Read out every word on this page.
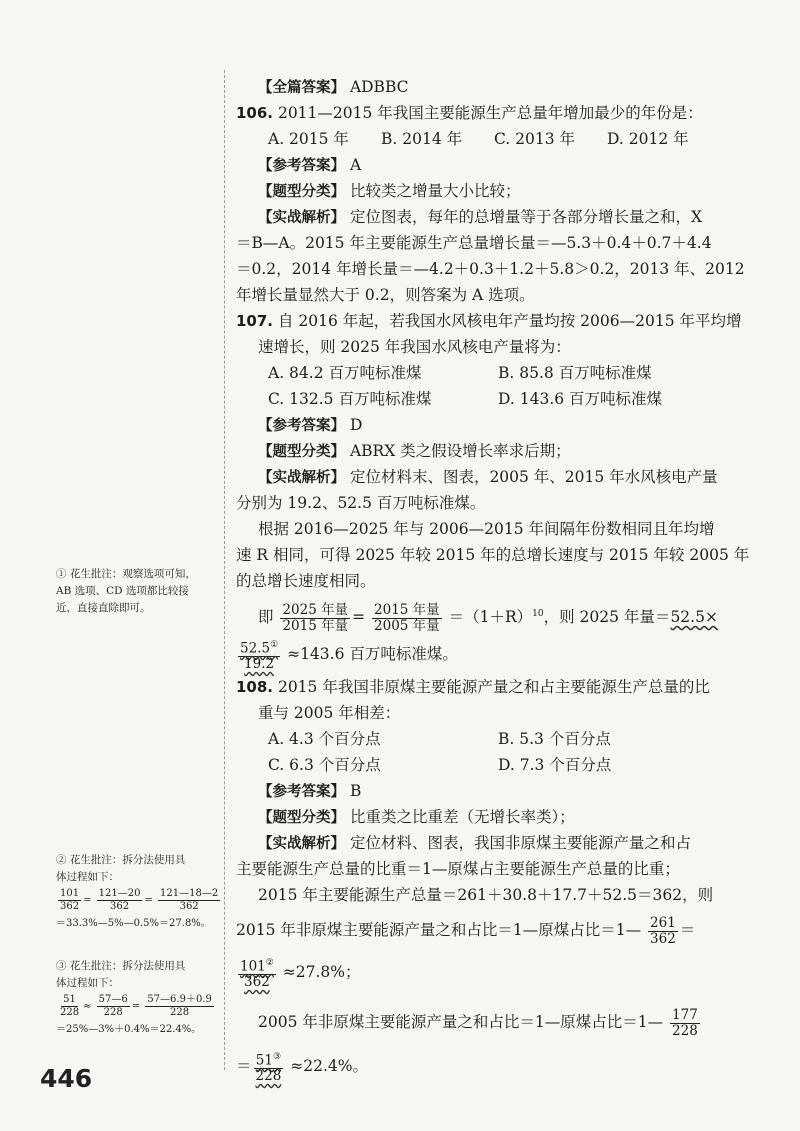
① 花生批注：观察选项可知，
AB 选项、CD 选项都比较接
近，直接直除即可。
② 花生批注：拆分法使用具
体过程如下：
$\frac{101}{362} = \frac{121—20}{362} = \frac{121—18—2}{362}$
＝33.3%—5%—0.5%＝27.8%。
③ 花生批注：拆分法使用具
体过程如下：
$\frac{51}{228} \approx \frac{57—6}{228} = \frac{57—6.9+0.9}{228}$
＝25%—3%＋0.4%＝22.4%。
【全篇答案】 ADBBC
106. 2011—2015 年我国主要能源生产总量年增加最少的年份是：
A. 2015 年	B. 2014 年	C. 2013 年	D. 2012 年
【参考答案】 A
【题型分类】 比较类之增量大小比较；
【实战解析】 定位图表，每年的总增量等于各部分增长量之和，X
＝B—A。2015 年主要能源生产总量增长量＝—5.3＋0.4＋0.7＋4.4
＝0.2，2014 年增长量＝—4.2＋0.3＋1.2＋5.8＞0.2，2013 年、2012
年增长量显然大于 0.2，则答案为 A 选项。
107. 自 2016 年起，若我国水风核电年产量均按 2006—2015 年平均增
速增长，则 2025 年我国水风核电产量将为：
A. 84.2 百万吨标准煤	B. 85.8 百万吨标准煤
C. 132.5 百万吨标准煤	D. 143.6 百万吨标准煤
【参考答案】 D
【题型分类】 ABRX 类之假设增长率求后期；
【实战解析】 定位材料末、图表，2005 年、2015 年水风核电产量
分别为 19.2、52.5 百万吨标准煤。
根据 2016—2025 年与 2006—2015 年间隔年份数相同且年均增
速 R 相同，可得 2025 年较 2015 年的总增长速度与 2015 年较 2005 年
的总增长速度相同。
即 $\frac{\text{2025 年量}}{\text{2015 年量}} = \frac{\text{2015 年量}}{\text{2005 年量}} =(1+R)^{10}$，则 2025 年量＝52.5×
$\frac{52.5^①}{19.2} \approx 143.6$ 百万吨标准煤。
108. 2015 年我国非原煤主要能源产量之和占主要能源生产总量的比
重与 2005 年相差：
A. 4.3 个百分点	B. 5.3 个百分点
C. 6.3 个百分点	D. 7.3 个百分点
【参考答案】 B
【题型分类】 比重类之比重差（无增长率类）；
【实战解析】 定位材料、图表，我国非原煤主要能源产量之和占
主要能源生产总量的比重＝1—原煤占主要能源生产总量的比重；
2015 年主要能源生产总量＝261＋30.8＋17.7＋52.5＝362，则
2015 年非原煤主要能源产量之和占比＝1—原煤占比＝1— $\frac{261}{362}$ ＝
$\frac{101^②}{362} \approx 27.8\%$；
2005 年非原煤主要能源产量之和占比＝1—原煤占比＝1— $\frac{177}{228}$
＝ $\frac{51^③}{228} \approx 22.4\%$。
446
